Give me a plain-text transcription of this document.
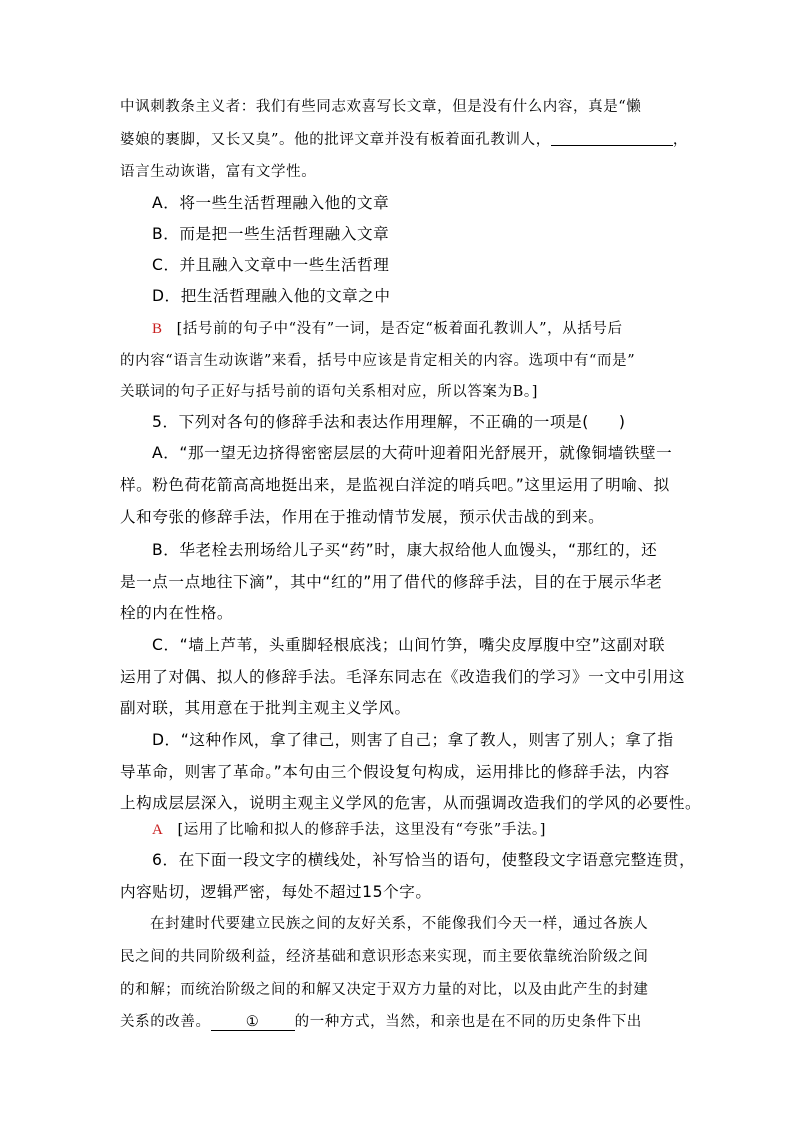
中讽刺教条主义者：我们有些同志欢喜写长文章，但是没有什么内容，真是“懒
婆娘的裹脚，又长又臭”。他的批评文章并没有板着面孔教训人，	，
语言生动诙谐，富有文学性。
A．将一些生活哲理融入他的文章
B．而是把一些生活哲理融入文章
C．并且融入文章中一些生活哲理
D．把生活哲理融入他的文章之中
B [括号前的句子中“没有”一词，是否定“板着面孔教训人”，从括号后
的内容“语言生动诙谐”来看，括号中应该是肯定相关的内容。选项中有“而是”
关联词的句子正好与括号前的语句关系相对应，所以答案为B。]
5．下列对各句的修辞手法和表达作用理解，不正确的一项是( )
A．“那一望无边挤得密密层层的大荷叶迎着阳光舒展开，就像铜墙铁壁一
样。粉色荷花箭高高地挺出来，是监视白洋淀的哨兵吧。”这里运用了明喻、拟
人和夸张的修辞手法，作用在于推动情节发展，预示伏击战的到来。
B．华老栓去刑场给儿子买“药”时，康大叔给他人血馒头，“那红的，还
是一点一点地往下滴”，其中“红的”用了借代的修辞手法，目的在于展示华老
栓的内在性格。
C．“墙上芦苇，头重脚轻根底浅；山间竹笋，嘴尖皮厚腹中空”这副对联
运用了对偶、拟人的修辞手法。毛泽东同志在《改造我们的学习》一文中引用这
副对联，其用意在于批判主观主义学风。
D．“这种作风，拿了律己，则害了自己；拿了教人，则害了别人；拿了指
导革命，则害了革命。”本句由三个假设复句构成，运用排比的修辞手法，内容
上构成层层深入，说明主观主义学风的危害，从而强调改造我们的学风的必要性。
A [运用了比喻和拟人的修辞手法，这里没有“夸张”手法。]
6．在下面一段文字的横线处，补写恰当的语句，使整段文字语意完整连贯，
内容贴切，逻辑严密，每处不超过15个字。
在封建时代要建立民族之间的友好关系，不能像我们今天一样，通过各族人
民之间的共同阶级利益，经济基础和意识形态来实现，而主要依靠统治阶级之间
的和解；而统治阶级之间的和解又决定于双方力量的对比，以及由此产生的封建
关系的改善。 ① 的一种方式，当然，和亲也是在不同的历史条件下出
